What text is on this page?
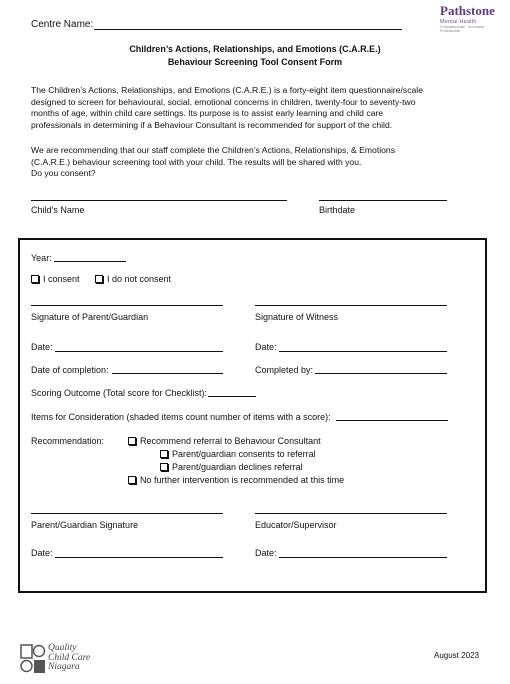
Centre Name:
Pathstone
Mental Health
Compassionate · Innovative · Professional
Children’s Actions, Relationships, and Emotions (C.A.R.E.)
Behaviour Screening Tool Consent Form
The Children’s Actions, Relationships, and Emotions (C.A.R.E.) is a forty-eight item questionnaire/scale
designed to screen for behavioural, social, emotional concerns in children, twenty-four to seventy-two
months of age, within child care settings. Its purpose is to assist early learning and child care
professionals in determining if a Behaviour Consultant is recommended for support of the child.
We are recommending that our staff complete the Children’s Actions, Relationships, & Emotions
(C.A.R.E.) behaviour screening tool with your child. The results will be shared with you.
Do you consent?
Child’s Name	Birthdate
Year:
I consent	I do not consent
Signature of Parent/Guardian	Signature of Witness
Date:	Date:
Date of completion:	Completed by:
Scoring Outcome (Total score for Checklist):
Items for Consideration (shaded items count number of items with a score):
Recommendation:	Recommend referral to Behaviour Consultant
Parent/guardian consents to referral
Parent/guardian declines referral
No further intervention is recommended at this time
Parent/Guardian Signature	Educator/Supervisor
Date:	Date:
Quality
Child Care
Niagara
August 2023
